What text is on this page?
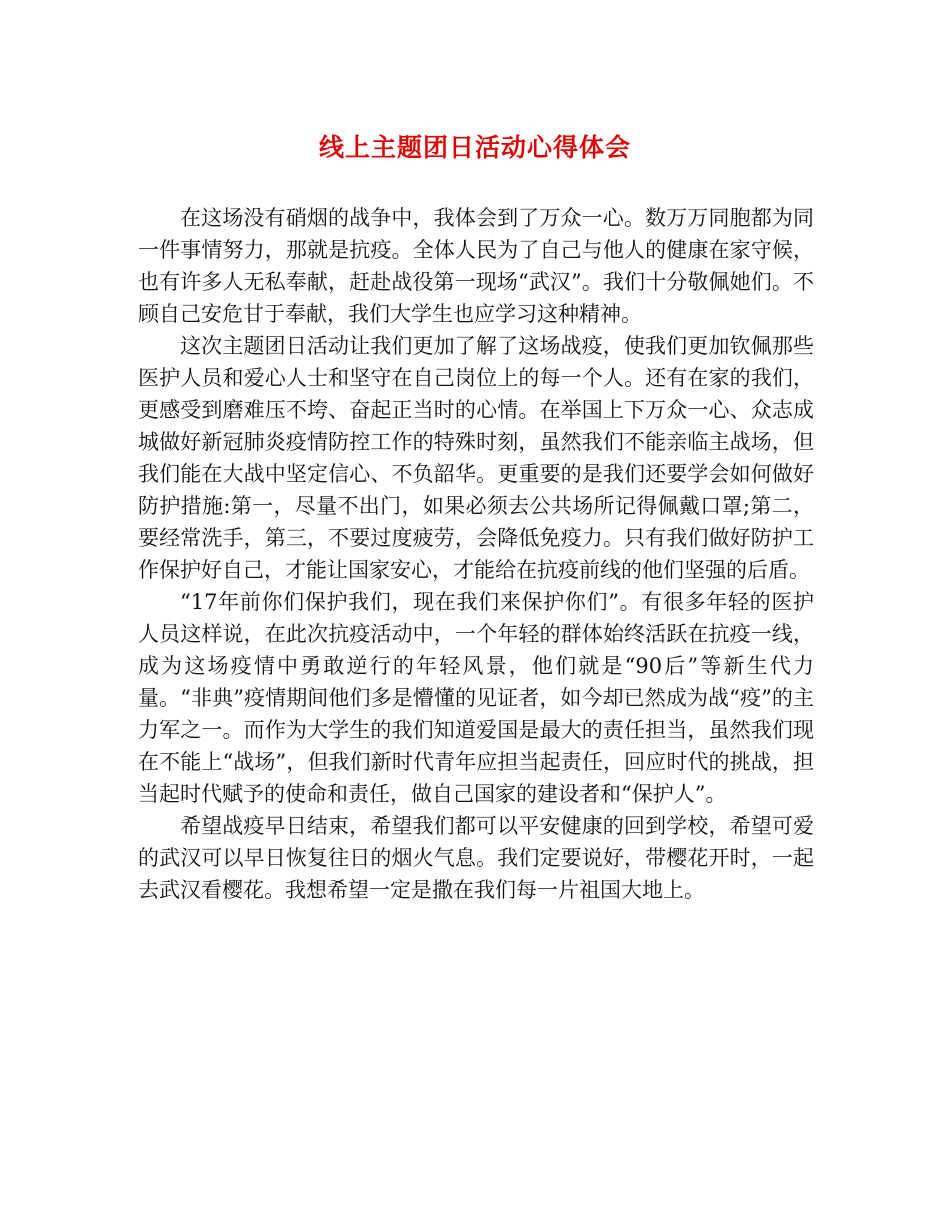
线上主题团日活动心得体会

在这场没有硝烟的战争中，我体会到了万众一心。数万万同胞都为同一件事情努力，那就是抗疫。全体人民为了自己与他人的健康在家守候，也有许多人无私奉献，赶赴战役第一现场“武汉”。我们十分敬佩她们。不顾自己安危甘于奉献，我们大学生也应学习这种精神。

这次主题团日活动让我们更加了解了这场战疫，使我们更加钦佩那些医护人员和爱心人士和坚守在自己岗位上的每一个人。还有在家的我们，更感受到磨难压不垮、奋起正当时的心情。在举国上下万众一心、众志成城做好新冠肺炎疫情防控工作的特殊时刻，虽然我们不能亲临主战场，但我们能在大战中坚定信心、不负韶华。更重要的是我们还要学会如何做好防护措施:第一，尽量不出门，如果必须去公共场所记得佩戴口罩;第二，要经常洗手，第三，不要过度疲劳，会降低免疫力。只有我们做好防护工作保护好自己，才能让国家安心，才能给在抗疫前线的他们坚强的后盾。

“17年前你们保护我们，现在我们来保护你们”。有很多年轻的医护人员这样说，在此次抗疫活动中，一个年轻的群体始终活跃在抗疫一线，成为这场疫情中勇敢逆行的年轻风景，他们就是“90后”等新生代力量。“非典”疫情期间他们多是懵懂的见证者，如今却已然成为战“疫”的主力军之一。而作为大学生的我们知道爱国是最大的责任担当，虽然我们现在不能上“战场”，但我们新时代青年应担当起责任，回应时代的挑战，担当起时代赋予的使命和责任，做自己国家的建设者和“保护人”。

希望战疫早日结束，希望我们都可以平安健康的回到学校，希望可爱的武汉可以早日恢复往日的烟火气息。我们定要说好，带樱花开时，一起去武汉看樱花。我想希望一定是撒在我们每一片祖国大地上。
